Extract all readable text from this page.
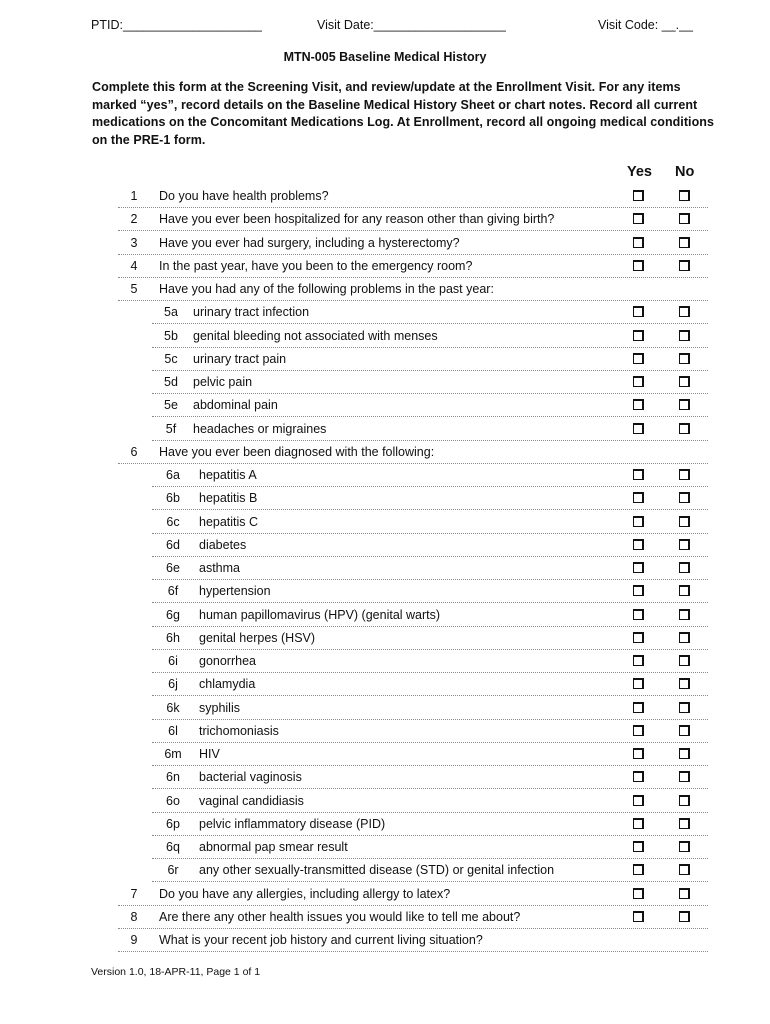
PTID:____________________	Visit Date:___________________	Visit Code: __.__
MTN-005 Baseline Medical History
Complete this form at the Screening Visit, and review/update at the Enrollment Visit. For any items marked “yes”, record details on the Baseline Medical History Sheet or chart notes. Record all current medications on the Concomitant Medications Log. At Enrollment, record all ongoing medical conditions on the PRE-1 form.
Yes No
1	Do you have health problems?
2	Have you ever been hospitalized for any reason other than giving birth?
3	Have you ever had surgery, including a hysterectomy?
4	In the past year, have you been to the emergency room?
5	Have you had any of the following problems in the past year:
5a	urinary tract infection
5b	genital bleeding not associated with menses
5c	urinary tract pain
5d	pelvic pain
5e	abdominal pain
5f	headaches or migraines
6	Have you ever been diagnosed with the following:
6a	hepatitis A
6b	hepatitis B
6c	hepatitis C
6d	diabetes
6e	asthma
6f	hypertension
6g	human papillomavirus (HPV) (genital warts)
6h	genital herpes (HSV)
6i	gonorrhea
6j	chlamydia
6k	syphilis
6l	trichomoniasis
6m	HIV
6n	bacterial vaginosis
6o	vaginal candidiasis
6p	pelvic inflammatory disease (PID)
6q	abnormal pap smear result
6r	any other sexually-transmitted disease (STD) or genital infection
7	Do you have any allergies, including allergy to latex?
8	Are there any other health issues you would like to tell me about?
9	What is your recent job history and current living situation?
Version 1.0, 18-APR-11, Page 1 of 1
